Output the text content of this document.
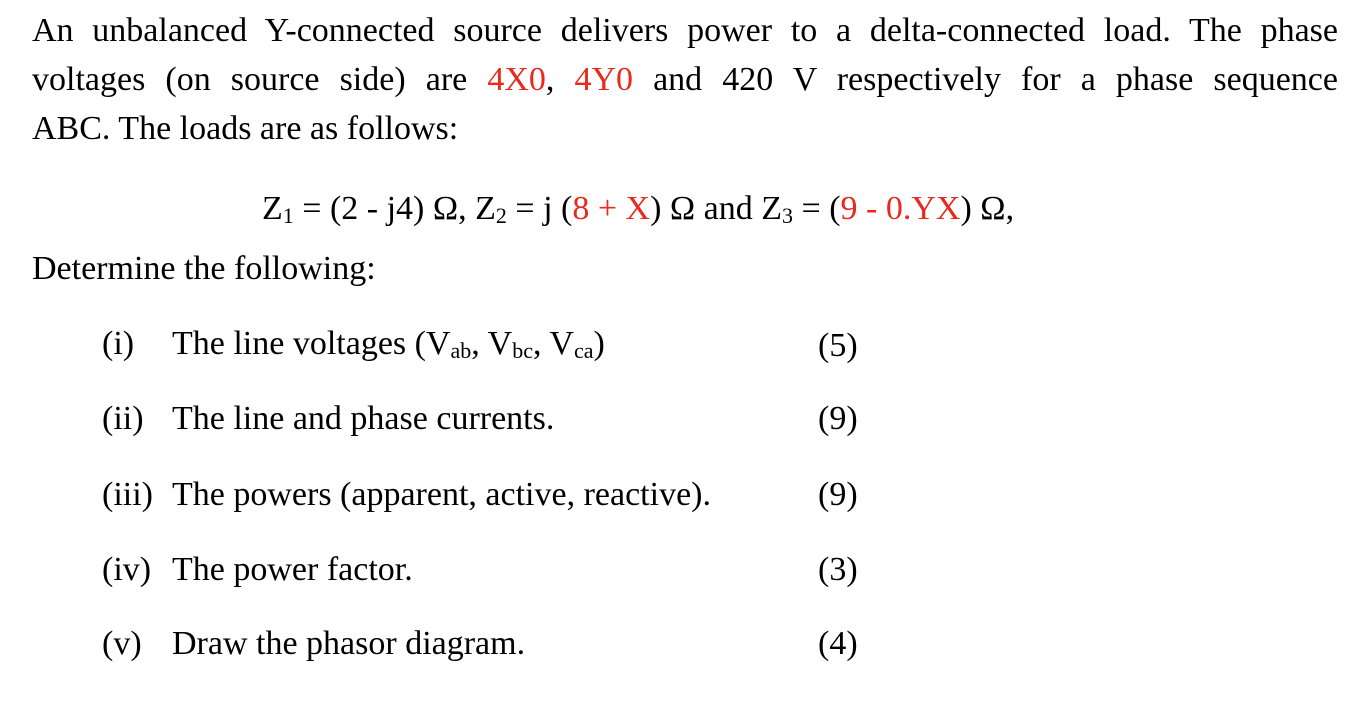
An unbalanced Y-connected source delivers power to a delta-connected load. The phase
voltages (on source side) are 4X0, 4Y0 and 420 V respectively for a phase sequence
ABC. The loads are as follows:
$Z_1 = (2 - j4)$ Ω, $Z_2 = j$ (8 + X) Ω and $Z_3 = (9 - 0.YX)$ Ω,
Determine the following:
(i) The line voltages ($V_{ab}$, $V_{bc}$, $V_{ca}$)	(5)
(ii) The line and phase currents.	(9)
(iii) The powers (apparent, active, reactive).	(9)
(iv) The power factor.	(3)
(v) Draw the phasor diagram.	(4)
